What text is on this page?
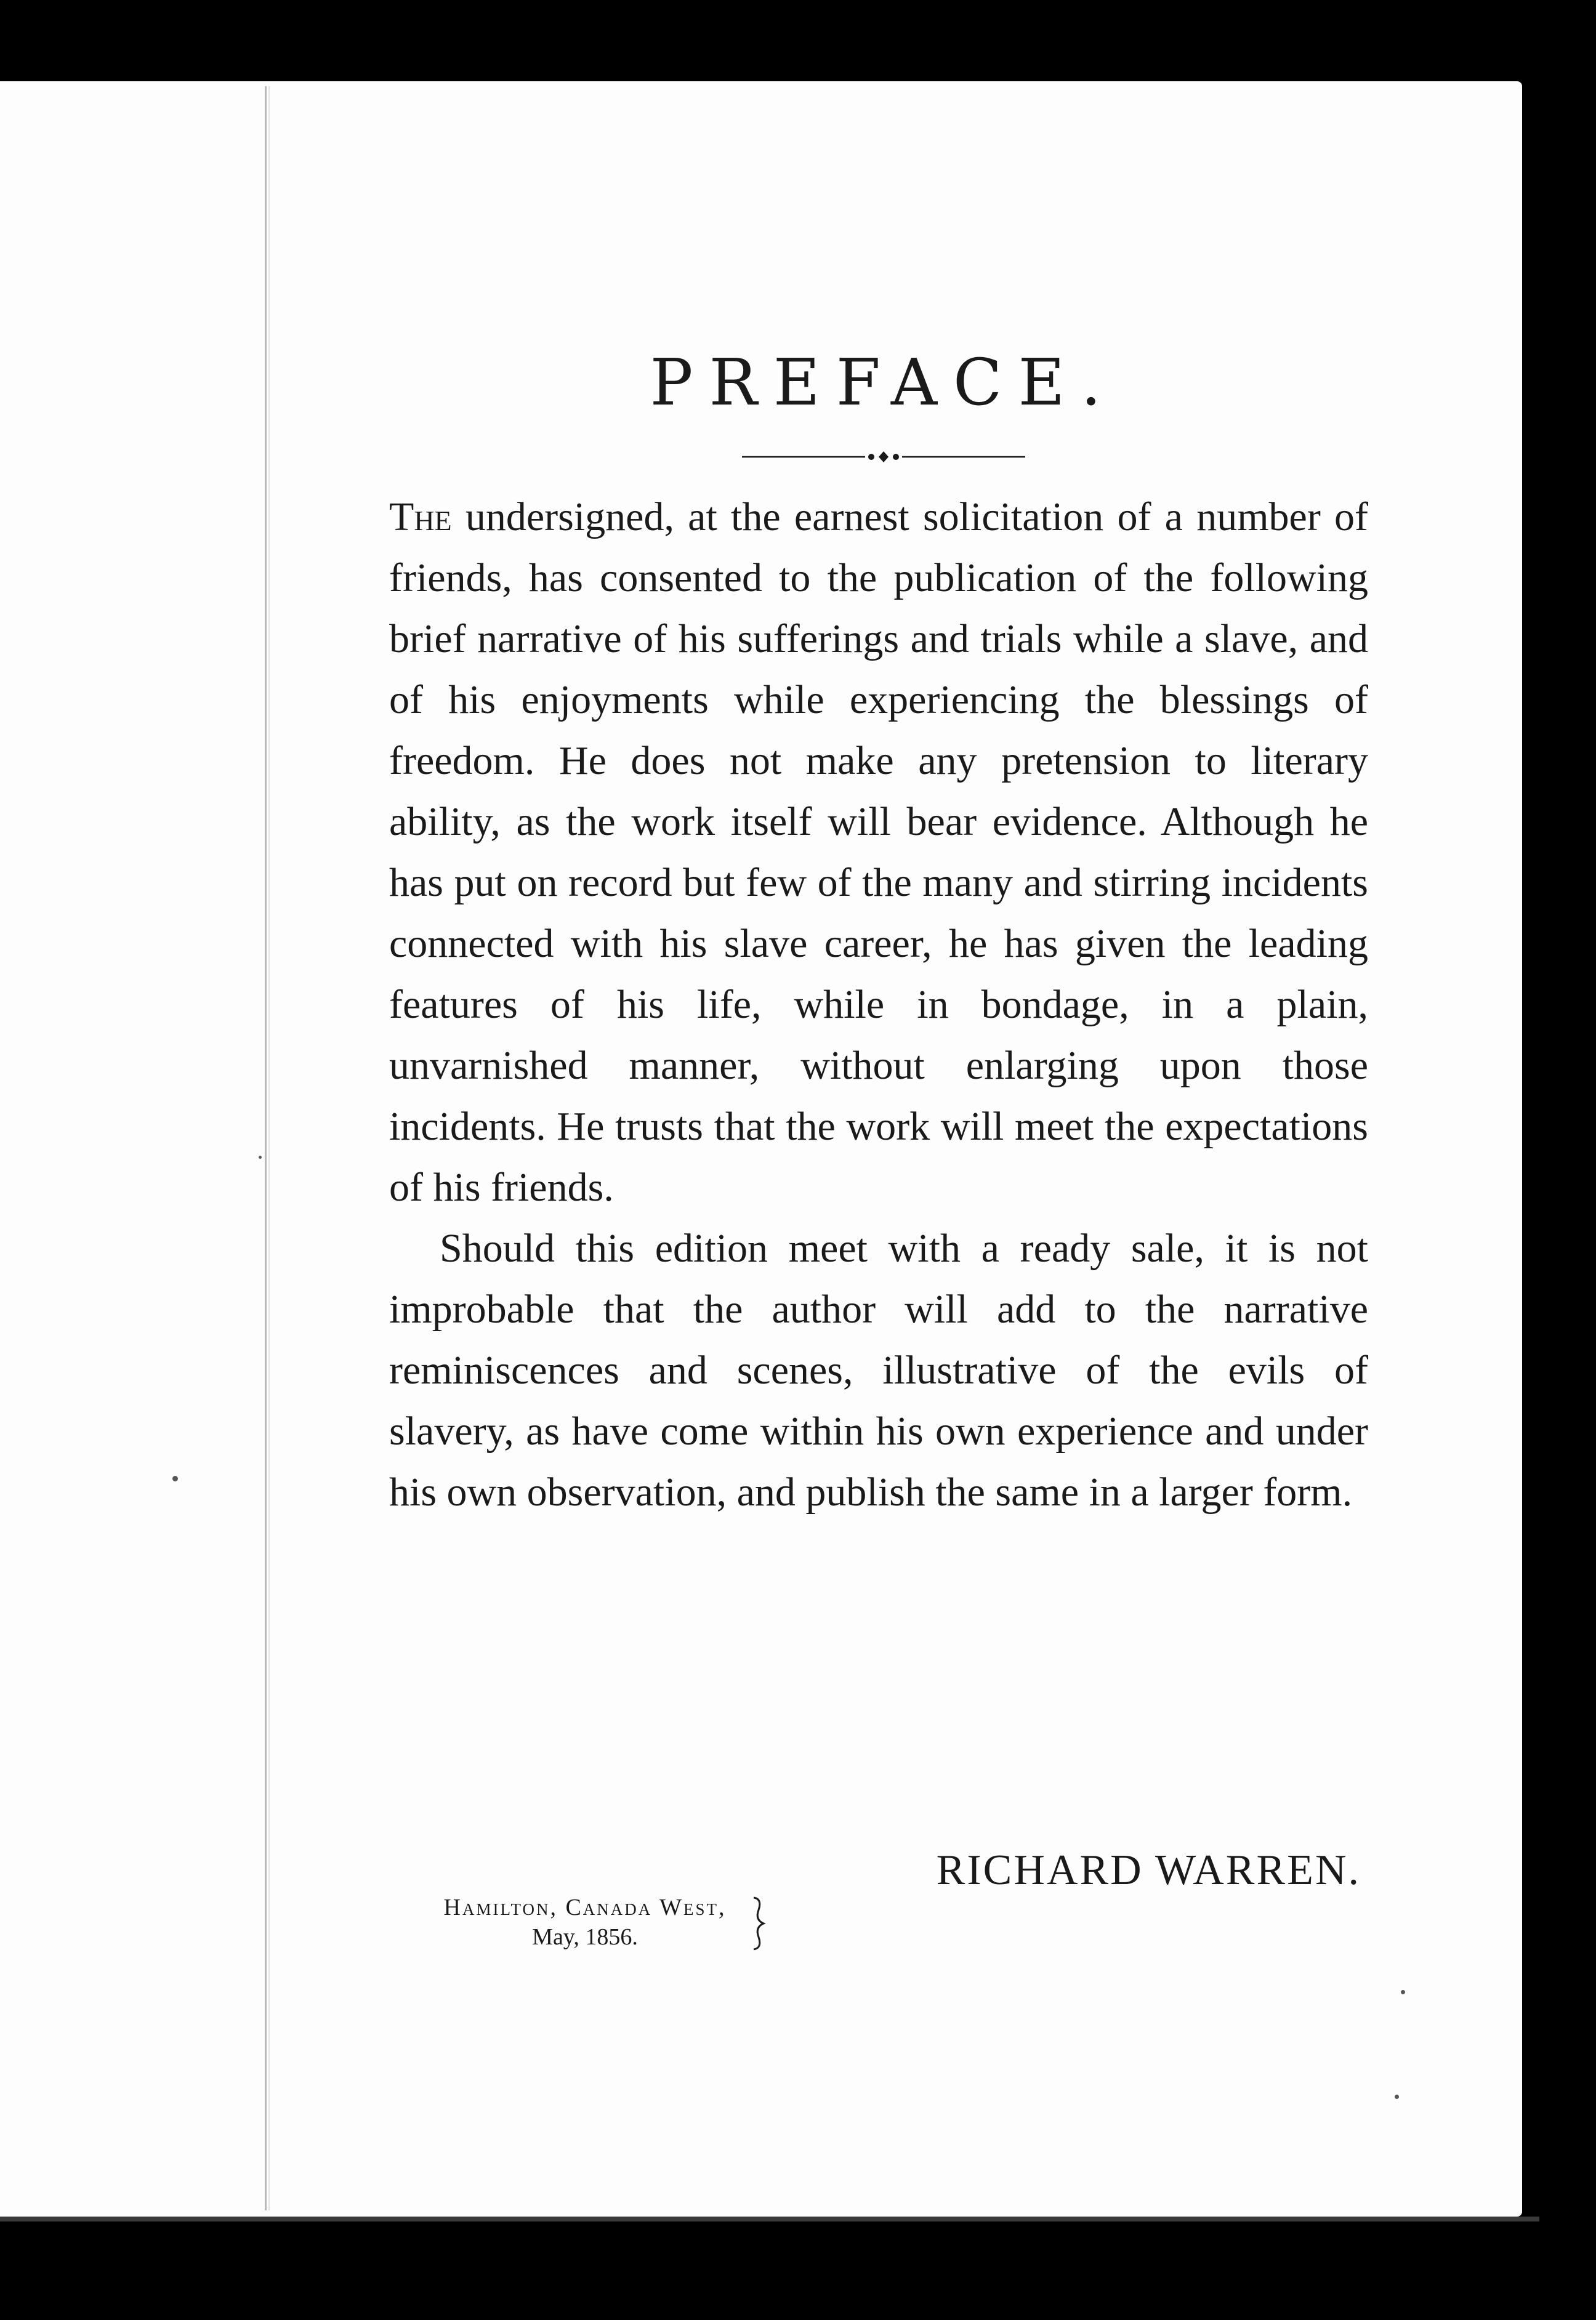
PREFACE.

The undersigned, at the earnest solicitation of a number of friends, has consented to the publication of the following brief narrative of his sufferings and trials while a slave, and of his enjoyments while experiencing the blessings of freedom. He does not make any pretension to literary ability, as the work itself will bear evidence. Although he has put on record but few of the many and stirring incidents connected with his slave career, he has given the leading features of his life, while in bondage, in a plain, unvarnished manner, without enlarging upon those incidents. He trusts that the work will meet the expectations of his friends.

Should this edition meet with a ready sale, it is not improbable that the author will add to the narrative reminiscences and scenes, illustrative of the evils of slavery, as have come within his own experience and under his own observation, and publish the same in a larger form.

RICHARD WARREN.
Hamilton, Canada West,
May, 1856.
